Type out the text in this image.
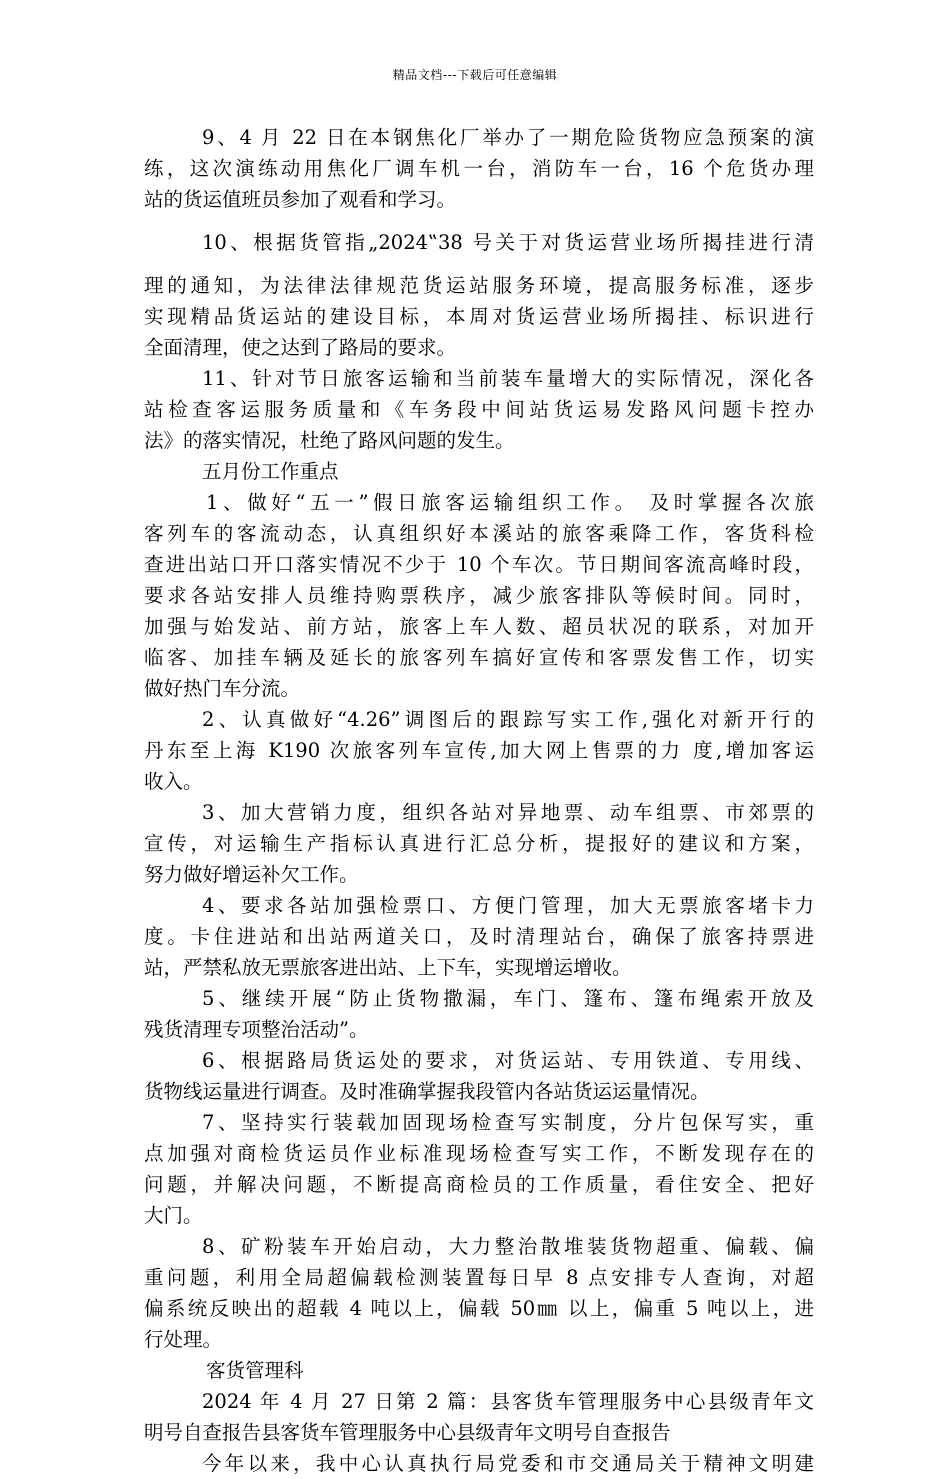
精品文档---下载后可任意编辑
9、4 月 22 日在本钢焦化厂举办了一期危险货物应急预案的演
练，这次演练动用焦化厂调车机一台，消防车一台，16 个危货办理
站的货运值班员参加了观看和学习。
10、根据货管指„2024‟38 号关于对货运营业场所揭挂进行清
理的通知，为法律法律规范货运站服务环境，提高服务标准，逐步
实现精品货运站的建设目标，本周对货运营业场所揭挂、标识进行
全面清理，使之达到了路局的要求。
11、针对节日旅客运输和当前装车量增大的实际情况，深化各
站检查客运服务质量和《车务段中间站货运易发路风问题卡控办
法》的落实情况，杜绝了路风问题的发生。
五月份工作重点
1、做好“五一”假日旅客运输组织工作。 及时掌握各次旅
客列车的客流动态，认真组织好本溪站的旅客乘降工作，客货科检
查进出站口开口落实情况不少于 10 个车次。节日期间客流高峰时段，
要求各站安排人员维持购票秩序，减少旅客排队等候时间。同时，
加强与始发站、前方站，旅客上车人数、超员状况的联系，对加开
临客、加挂车辆及延长的旅客列车搞好宣传和客票发售工作，切实
做好热门车分流。
2、认真做好“4.26”调图后的跟踪写实工作,强化对新开行的
丹东至上海 K190 次旅客列车宣传,加大网上售票的力 度,增加客运
收入。
3、加大营销力度，组织各站对异地票、动车组票、市郊票的
宣传，对运输生产指标认真进行汇总分析，提报好的建议和方案，
努力做好增运补欠工作。
4、要求各站加强检票口、方便门管理，加大无票旅客堵卡力
度。卡住进站和出站两道关口，及时清理站台，确保了旅客持票进
站，严禁私放无票旅客进出站、上下车，实现增运增收。
5、继续开展“防止货物撒漏，车门、篷布、篷布绳索开放及
残货清理专项整治活动”。
6、根据路局货运处的要求，对货运站、专用铁道、专用线、
货物线运量进行调查。及时准确掌握我段管内各站货运运量情况。
7、坚持实行装载加固现场检查写实制度，分片包保写实，重
点加强对商检货运员作业标准现场检查写实工作，不断发现存在的
问题，并解决问题，不断提高商检员的工作质量，看住安全、把好
大门。
8、矿粉装车开始启动，大力整治散堆装货物超重、偏载、偏
重问题，利用全局超偏载检测装置每日早 8 点安排专人查询，对超
偏系统反映出的超载 4 吨以上，偏载 50㎜ 以上，偏重 5 吨以上，进
行处理。
客货管理科
2024 年 4 月 27 日第 2 篇：县客货车管理服务中心县级青年文
明号自查报告县客货车管理服务中心县级青年文明号自查报告
今年以来，我中心认真执行局党委和市交通局关于精神文明建
